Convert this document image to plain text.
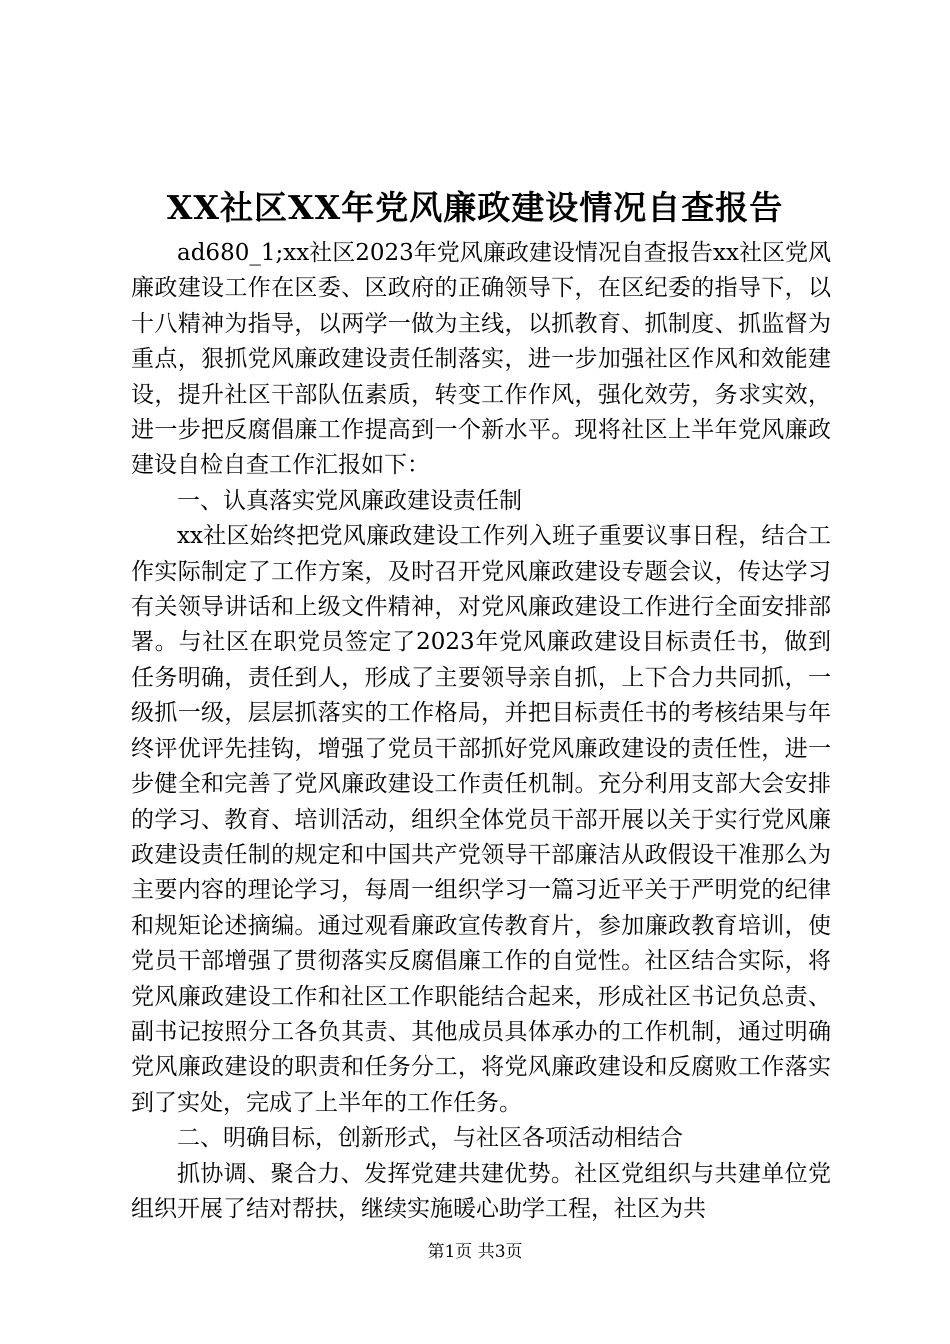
XX社区XX年党风廉政建设情况自查报告

ad680_1;xx社区2023年党风廉政建设情况自查报告xx社区党风廉政建设工作在区委、区政府的正确领导下，在区纪委的指导下，以十八精神为指导，以两学一做为主线，以抓教育、抓制度、抓监督为重点，狠抓党风廉政建设责任制落实，进一步加强社区作风和效能建设，提升社区干部队伍素质，转变工作作风，强化效劳，务求实效，进一步把反腐倡廉工作提高到一个新水平。现将社区上半年党风廉政建设自检自查工作汇报如下：

一、认真落实党风廉政建设责任制

xx社区始终把党风廉政建设工作列入班子重要议事日程，结合工作实际制定了工作方案，及时召开党风廉政建设专题会议，传达学习有关领导讲话和上级文件精神，对党风廉政建设工作进行全面安排部署。与社区在职党员签定了2023年党风廉政建设目标责任书，做到任务明确，责任到人，形成了主要领导亲自抓，上下合力共同抓，一级抓一级，层层抓落实的工作格局，并把目标责任书的考核结果与年终评优评先挂钩，增强了党员干部抓好党风廉政建设的责任性，进一步健全和完善了党风廉政建设工作责任机制。充分利用支部大会安排的学习、教育、培训活动，组织全体党员干部开展以关于实行党风廉政建设责任制的规定和中国共产党领导干部廉洁从政假设干准那么为主要内容的理论学习，每周一组织学习一篇习近平关于严明党的纪律和规矩论述摘编。通过观看廉政宣传教育片，参加廉政教育培训，使党员干部增强了贯彻落实反腐倡廉工作的自觉性。社区结合实际，将党风廉政建设工作和社区工作职能结合起来，形成社区书记负总责、副书记按照分工各负其责、其他成员具体承办的工作机制，通过明确党风廉政建设的职责和任务分工，将党风廉政建设和反腐败工作落实到了实处，完成了上半年的工作任务。

二、明确目标，创新形式，与社区各项活动相结合

抓协调、聚合力、发挥党建共建优势。社区党组织与共建单位党组织开展了结对帮扶，继续实施暖心助学工程，社区为共

第1页 共3页
